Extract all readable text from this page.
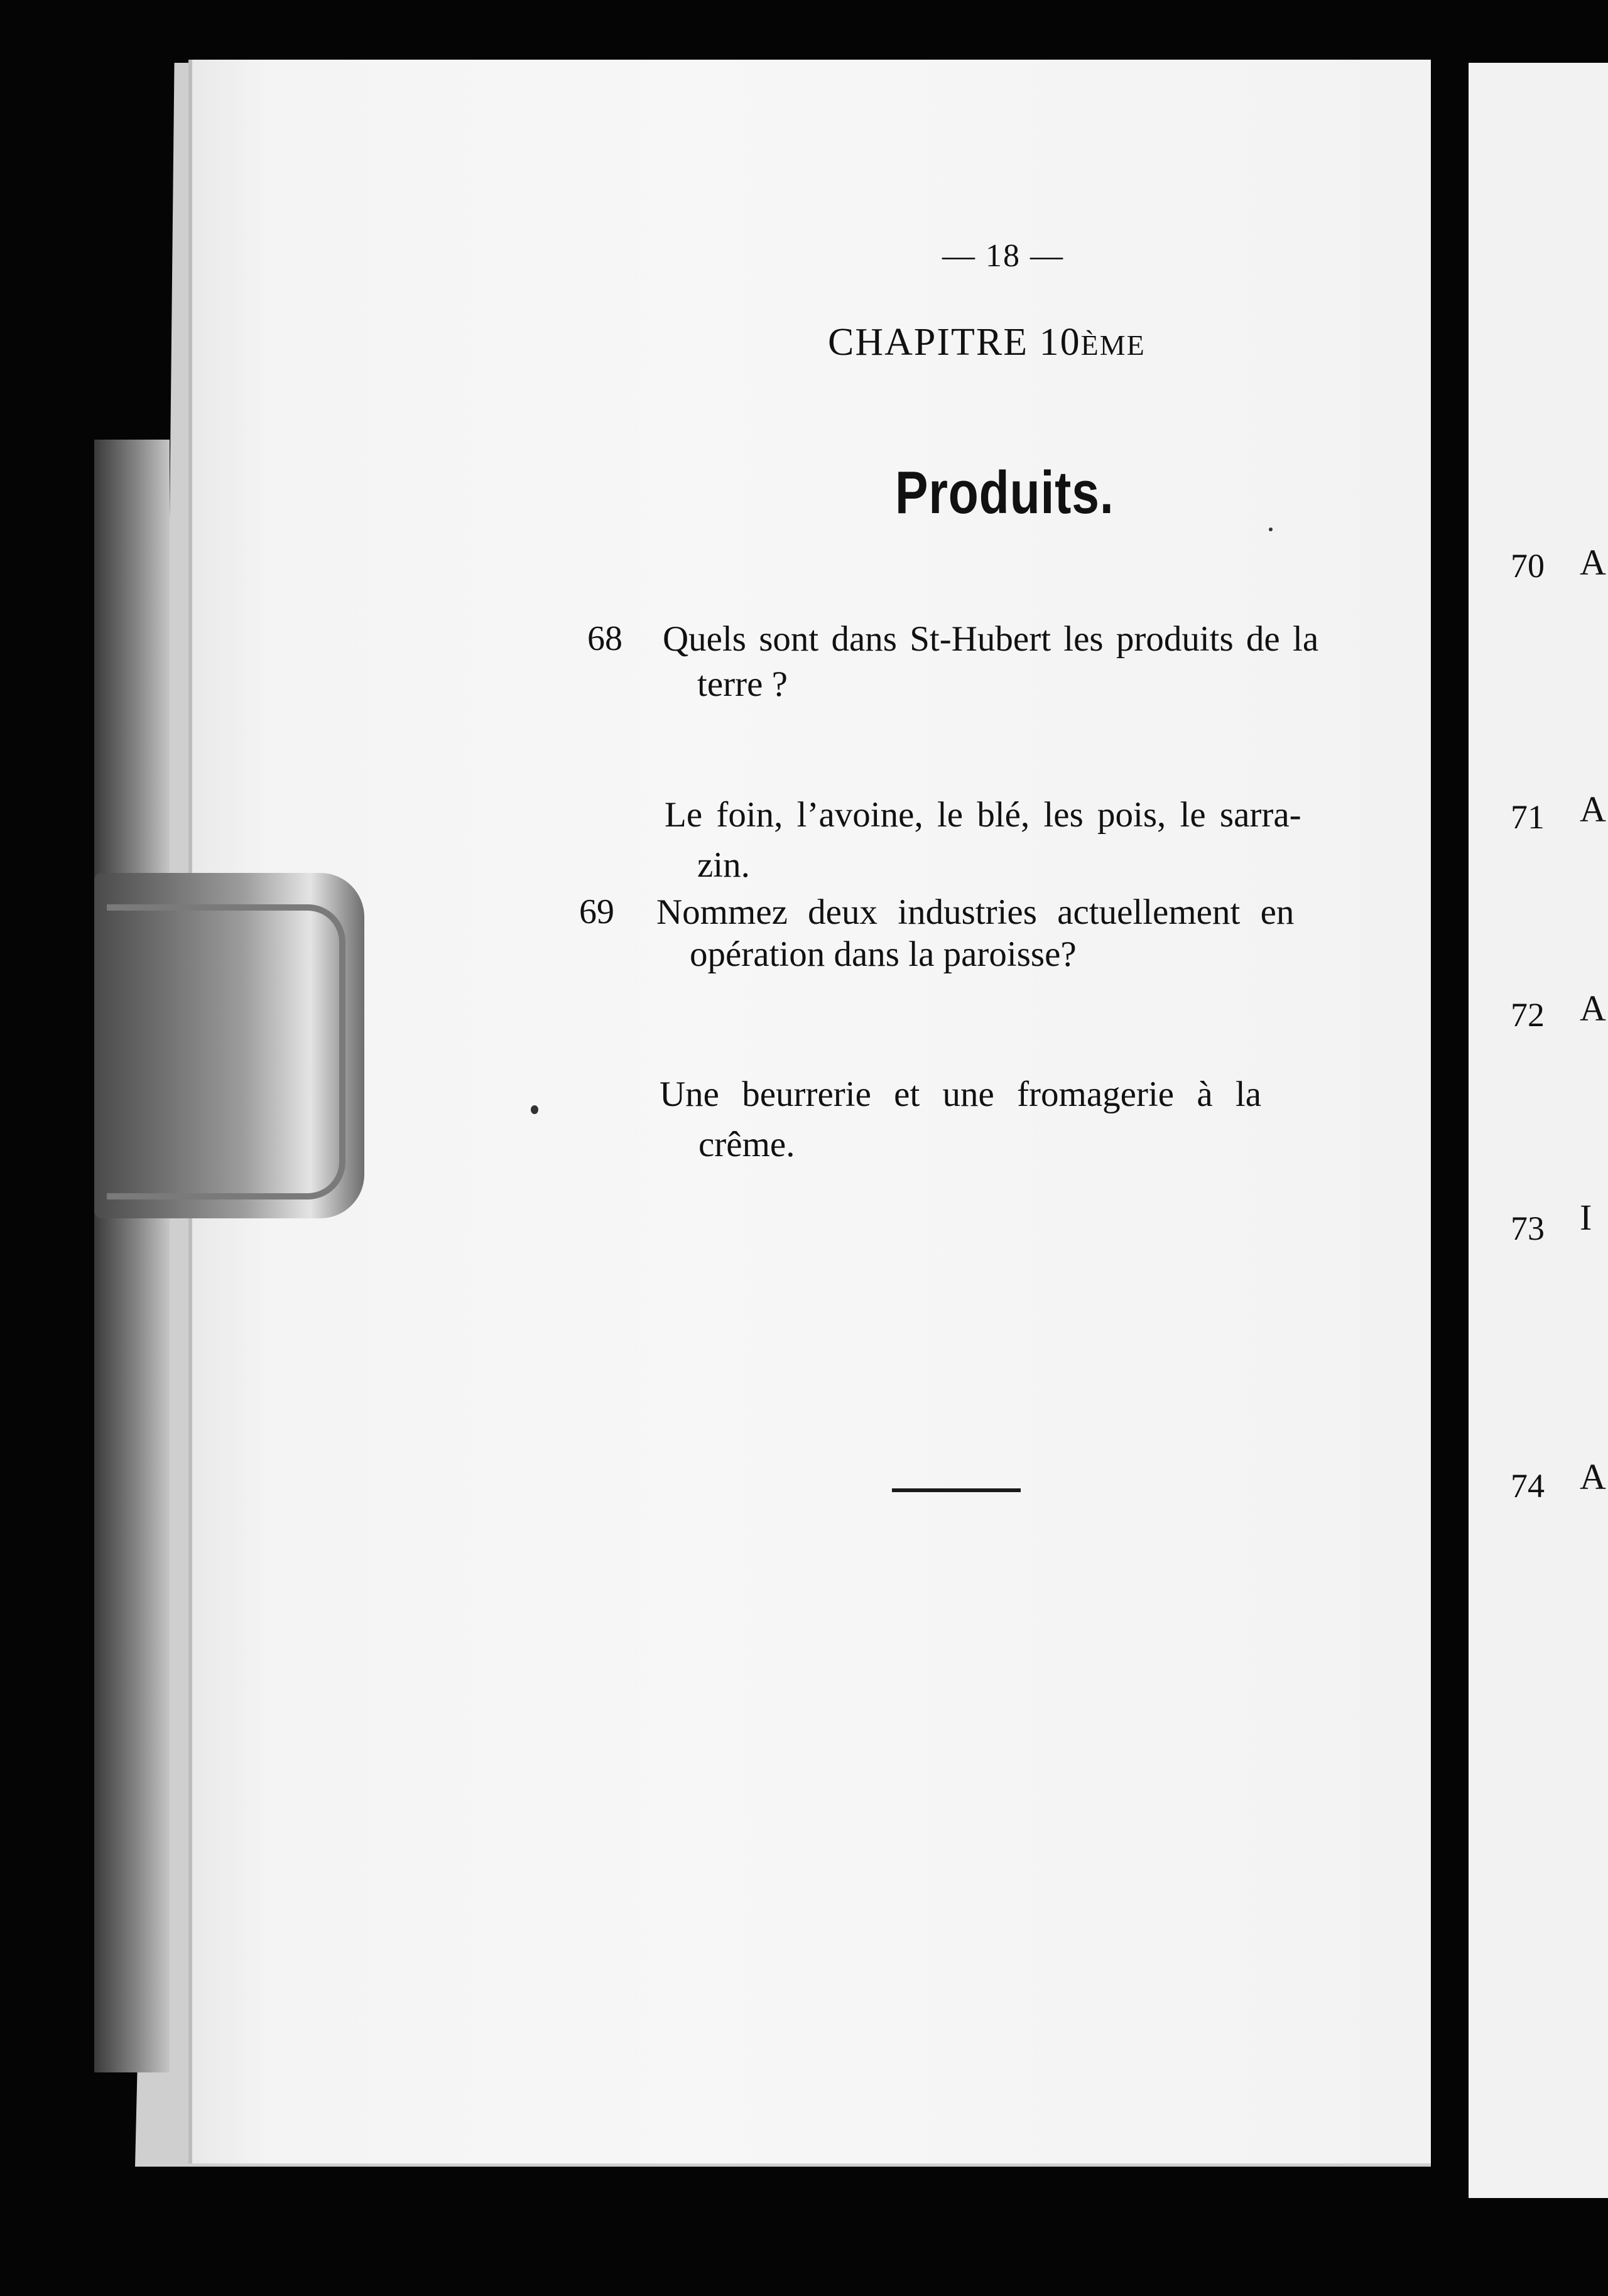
— 18 —
CHAPITRE 10ÈME
Produits.
68 Quels sont dans St-Hubert les produits de la
terre ?
Le foin, l’avoine, le blé, les pois, le sarra-
zin.
69 Nommez deux industries actuellement en
opération dans la paroisse?
Une beurrerie et une fromagerie à la
crême.
70 A
71 A
72 A
73 I
74 A
